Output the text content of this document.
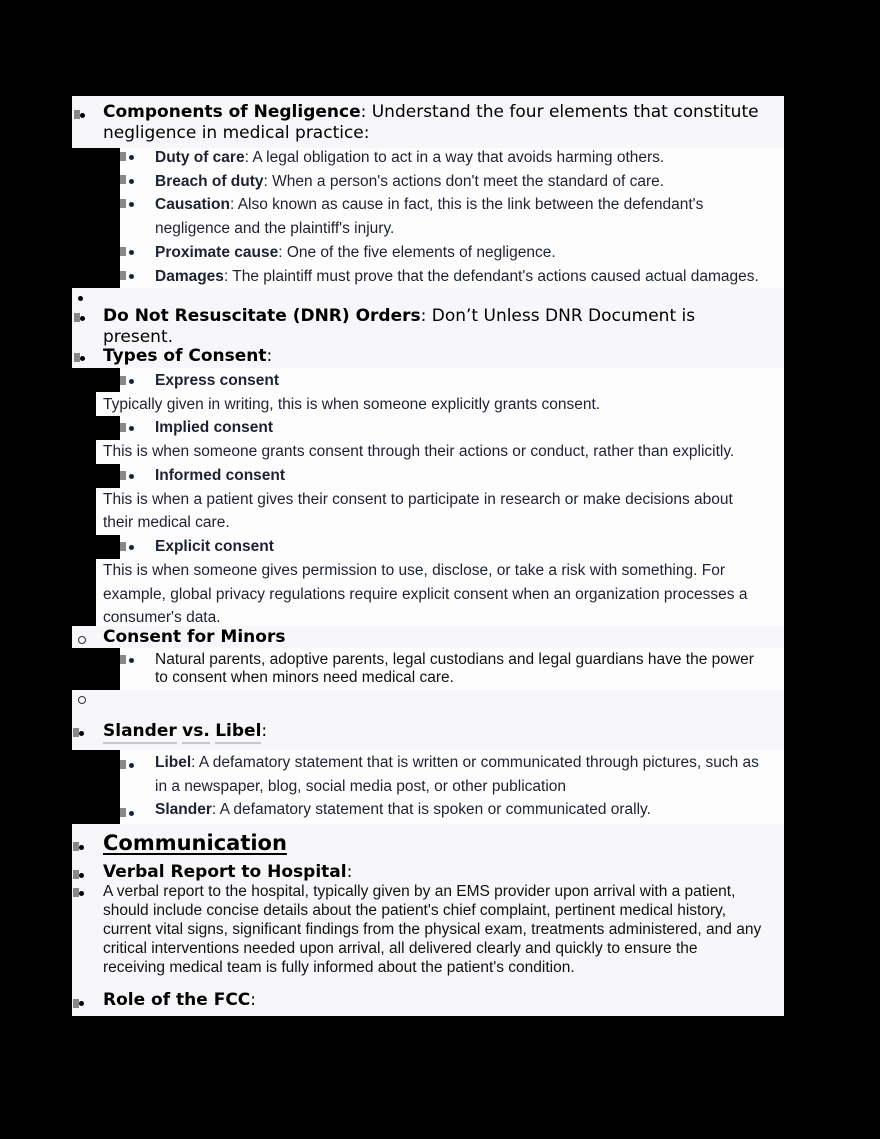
Components of Negligence: Understand the four elements that constitute
negligence in medical practice:
Duty of care: A legal obligation to act in a way that avoids harming others.
Breach of duty: When a person's actions don't meet the standard of care.
Causation: Also known as cause in fact, this is the link between the defendant's
negligence and the plaintiff's injury.
Proximate cause: One of the five elements of negligence.
Damages: The plaintiff must prove that the defendant's actions caused actual damages.
Do Not Resuscitate (DNR) Orders: Don’t Unless DNR Document is
present.
Types of Consent:
Express consent
Typically given in writing, this is when someone explicitly grants consent.
Implied consent
This is when someone grants consent through their actions or conduct, rather than explicitly.
Informed consent
This is when a patient gives their consent to participate in research or make decisions about
their medical care.
Explicit consent
This is when someone gives permission to use, disclose, or take a risk with something. For
example, global privacy regulations require explicit consent when an organization processes a
consumer's data.
Consent for Minors
Natural parents, adoptive parents, legal custodians and legal guardians have the power
to consent when minors need medical care.
Slander vs. Libel:
Libel: A defamatory statement that is written or communicated through pictures, such as
in a newspaper, blog, social media post, or other publication
Slander: A defamatory statement that is spoken or communicated orally.
Communication
Verbal Report to Hospital:
A verbal report to the hospital, typically given by an EMS provider upon arrival with a patient,
should include concise details about the patient's chief complaint, pertinent medical history,
current vital signs, significant findings from the physical exam, treatments administered, and any
critical interventions needed upon arrival, all delivered clearly and quickly to ensure the
receiving medical team is fully informed about the patient's condition.
Role of the FCC:
